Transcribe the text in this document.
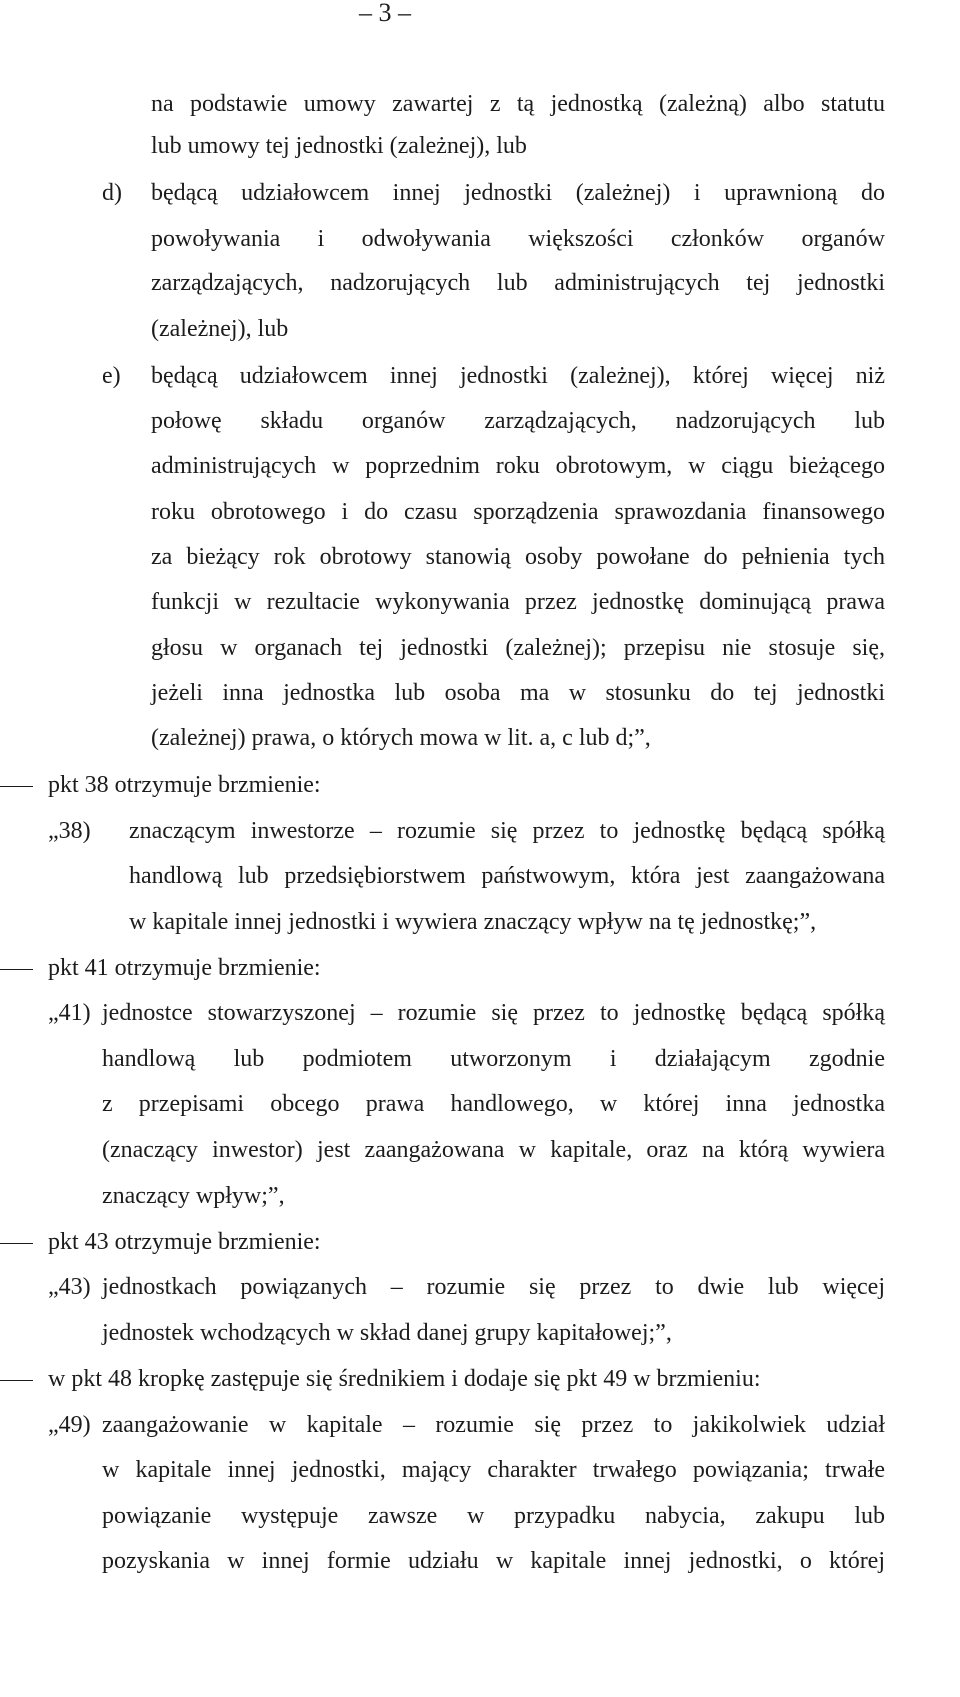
– 3 –
na podstawie umowy zawartej z tą jednostką (zależną) albo statutu
lub umowy tej jednostki (zależnej), lub
d) będącą udziałowcem innej jednostki (zależnej) i uprawnioną do
powoływania i odwoływania większości członków organów
zarządzających, nadzorujących lub administrujących tej jednostki
(zależnej), lub
e) będącą udziałowcem innej jednostki (zależnej), której więcej niż
połowę składu organów zarządzających, nadzorujących lub
administrujących w poprzednim roku obrotowym, w ciągu bieżącego
roku obrotowego i do czasu sporządzenia sprawozdania finansowego
za bieżący rok obrotowy stanowią osoby powołane do pełnienia tych
funkcji w rezultacie wykonywania przez jednostkę dominującą prawa
głosu w organach tej jednostki (zależnej); przepisu nie stosuje się,
jeżeli inna jednostka lub osoba ma w stosunku do tej jednostki
(zależnej) prawa, o których mowa w lit. a, c lub d;”,
pkt 38 otrzymuje brzmienie:
„38) znaczącym inwestorze – rozumie się przez to jednostkę będącą spółką
handlową lub przedsiębiorstwem państwowym, która jest zaangażowana
w kapitale innej jednostki i wywiera znaczący wpływ na tę jednostkę;”,
pkt 41 otrzymuje brzmienie:
„41) jednostce stowarzyszonej – rozumie się przez to jednostkę będącą spółką
handlową lub podmiotem utworzonym i działającym zgodnie
z przepisami obcego prawa handlowego, w której inna jednostka
(znaczący inwestor) jest zaangażowana w kapitale, oraz na którą wywiera
znaczący wpływ;”,
pkt 43 otrzymuje brzmienie:
„43) jednostkach powiązanych – rozumie się przez to dwie lub więcej
jednostek wchodzących w skład danej grupy kapitałowej;”,
w pkt 48 kropkę zastępuje się średnikiem i dodaje się pkt 49 w brzmieniu:
„49) zaangażowanie w kapitale – rozumie się przez to jakikolwiek udział
w kapitale innej jednostki, mający charakter trwałego powiązania; trwałe
powiązanie występuje zawsze w przypadku nabycia, zakupu lub
pozyskania w innej formie udziału w kapitale innej jednostki, o której
